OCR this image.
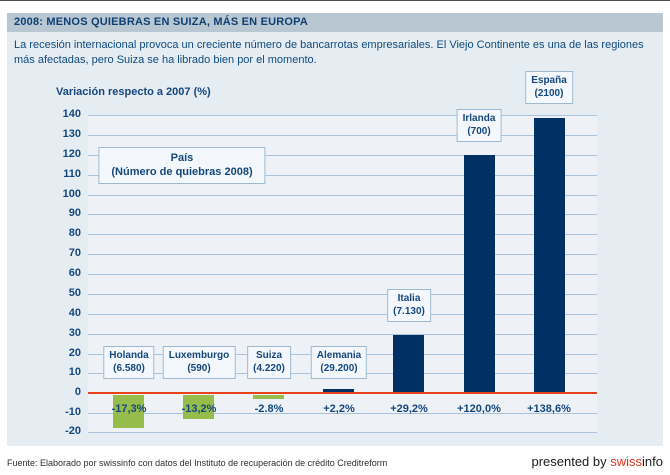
2008: MENOS QUIEBRAS EN SUIZA, MÁS EN EUROPA
La recesión internacional provoca un creciente número de bancarrotas empresariales. El Viejo Continente es una de las regiones más afectadas, pero Suiza se ha librado bien por el momento.
Variación respecto a 2007 (%)
País
(Número de quiebras 2008)
-17,3%
Holanda
(6.580)
-13,2%
Luxemburgo
(590)
-2.8%
Suiza
(4.220)
+2,2%
Alemania
(29.200)
+29,2%
Italia
(7.130)
+120,0%
Irlanda
(700)
+138,6%
España
(2100)
140
130
120
110
100
90
80
70
60
50
40
30
20
10
0
-10
-20
Fuente: Elaborado por swissinfo con datos del Instituto de recuperación de crédito Creditreform	presented by swissinfo
